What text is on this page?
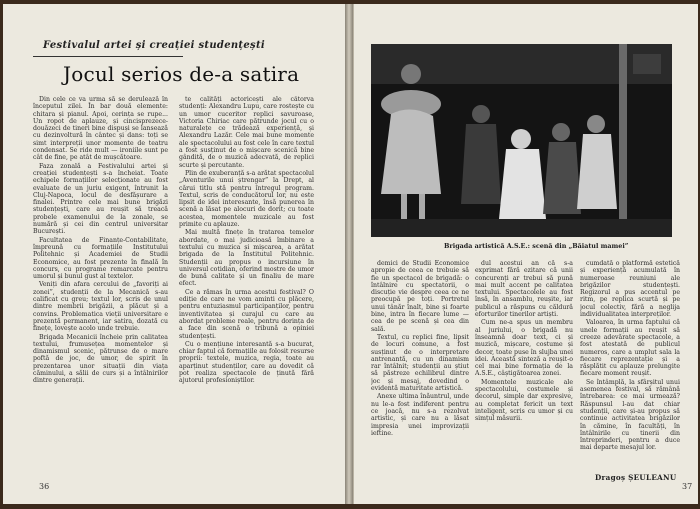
Festivalul artei și creației studențești
Jocul serios de-a satira

Din cele ce va urma să se derulează în începutul zilei. În bar două elemente: chitara și pianul. Apoi, cerința se rupe... Un ropot de aplauze, și cincisprezece-douăzeci de tineri bine dispuși se lansează cu dezinvoltură în cântec și dans: toți se simt interpreții unor momente de teatru condensat. Se ride mult — ironiile sunt pe cât de fine, pe atât de mușcătoare.

Faza zonală a Festivalului artei și creației studențești s-a încheiat. Toate echipele formațiilor selecționate au fost evaluate de un juriu exigent, întrunit la Cluj-Napoca, locul de desfășurare a finalei. Printre cele mai bune brigăzi studențești, care au reușit să treacă probele examenului de la zonale, se numără și cei din centrul universitar București.

Facultatea de Finanțe-Contabilitate, împreună cu formațiile Institutului Politehnic și Academiei de Studii Economice, au fost prezente în finală în concurs, cu programe remarcate pentru umorul și bunul gust al textelor.

Veniți din afara cercului de „favoriți ai zonei”, studenții de la Mecanică s-au calificat cu greu; textul lor, scris de unul dintre membrii brigăzii, a plăcut și a convins. Problematica vieții universitare e prezentă permanent, iar satira, dozată cu finețe, lovește acolo unde trebuie.

Brigada Mecanicii încheie prin calitatea textului, frumusețea momentelor și dinamismul scenic, pătrunse de o mare poftă de joc, de umor, de spirit în prezentarea unor situații din viața căminului, a sălii de curs și a întâlnirilor dintre generații.

te calități actoricești ale câtorva studenți: Alexandru Lupu, care rostește cu un umor cuceritor replici savuroase, Victoria Chiriac care pătrunde jocul cu o naturalețe ce trădează experiență, și Alexandru Lazăr. Cele mai bune momente ale spectacolului au fost cele în care textul a fost susținut de o mișcare scenică bine gândită, de o muzică adecvată, de replici scurte și percutante.

Plin de exuberanță s-a arătat spectacolul „Aventurile unui ștrengar” la Drept, al cărui titlu stă pentru întregul program. Textul, scris de conducătorul lor, nu este lipsit de idei interesante, însă punerea în scenă a lăsat pe alocuri de dorit; cu toate acestea, momentele muzicale au fost primite cu aplauze.

Mai multă finețe în tratarea temelor abordate, o mai judicioasă îmbinare a textului cu muzica și mișcarea, a arătat brigada de la Institutul Politehnic. Studenții au propus o incursiune în universul cotidian, oferind mostre de umor de bună calitate și un finaliu de mare efect.

Ce a rămas în urma acestui festival? O ediție de care ne vom aminti cu plăcere, pentru entuziasmul participanților, pentru inventivitatea și curajul cu care au abordat probleme reale, pentru dorința de a face din scenă o tribună a opiniei studențești.

Cu o mențiune interesantă s-a bucurat, chiar faptul că formațiile au folosit resurse proprii: textele, muzica, regia, toate au aparținut studenților, care au dovedit că pot realiza spectacole de ținută fără ajutorul profesioniștilor.

36
Brigada artistică A.S.E.: scenă din „Băiatul mamei”

demici de Studii Economice apropie de ceea ce trebuie să fie un spectacol de brigadă: o întâlnire cu spectatorii, o discuție vie despre ceea ce ne preocupă pe toți. Portretul unui tânăr înalt, bine și foarte bine, intra în fiecare lume — cea de pe scenă și cea din sală.

Textul, cu replici fine, lipsit de locuri comune, a fost susținut de o interpretare antrenantă, cu un dinamism rar întâlnit; studenții au știut să păstreze echilibrul dintre joc și mesaj, dovedind o evidentă maturitate artistică.

Anexe ultima înăuntrul, unde nu le-a fost indiferent pentru ce joacă, nu s-a rezolvat artistic, și care nu a lăsat impresia unei improvizații ieftine.

dul acestui an că s-a exprimat fără ezitare că unii concurenți ar trebui să pună mai mult accent pe calitatea textului. Spectacolele au fost însă, în ansamblu, reușite, iar publicul a răspuns cu căldură eforturilor tinerilor artiști.

Cum ne-a spus un membru al juriului, o brigadă nu înseamnă doar text, ci și muzică, mișcare, costume și decor, toate puse în slujba unei idei. Această sinteză a reușit-o cel mai bine formația de la A.S.E., câștigătoarea zonei.

Momentele muzicale ale spectacolului, costumele și decorul, simple dar expresive, au completat fericit un text inteligent, scris cu umor și cu simțul măsurii.

cumdată o platformă estetică și experiență acumulată în numeroase reuniuni ale brigăzilor studențești. Regizorul a pus accentul pe ritm, pe replica scurtă și pe jocul colectiv, fără a neglija individualitatea interpreților.

Valoarea, în urma faptului că unele formații au reușit să creeze adevărate spectacole, a fost atestată de publicul numeros, care a umplut sala la fiecare reprezentație și a răsplătit cu aplauze prelungite fiecare moment reușit.

Se întâmplă, la sfârșitul unui asemenea festival, să rămână întrebarea: ce mai urmează? Răspunsul l-au dat chiar studenții, care și-au propus să continue activitatea brigăzilor în cămine, în facultăți, în întâlnirile cu tinerii din întreprinderi, pentru a duce mai departe mesajul lor.

Dragoș ȘEULEANU
37
